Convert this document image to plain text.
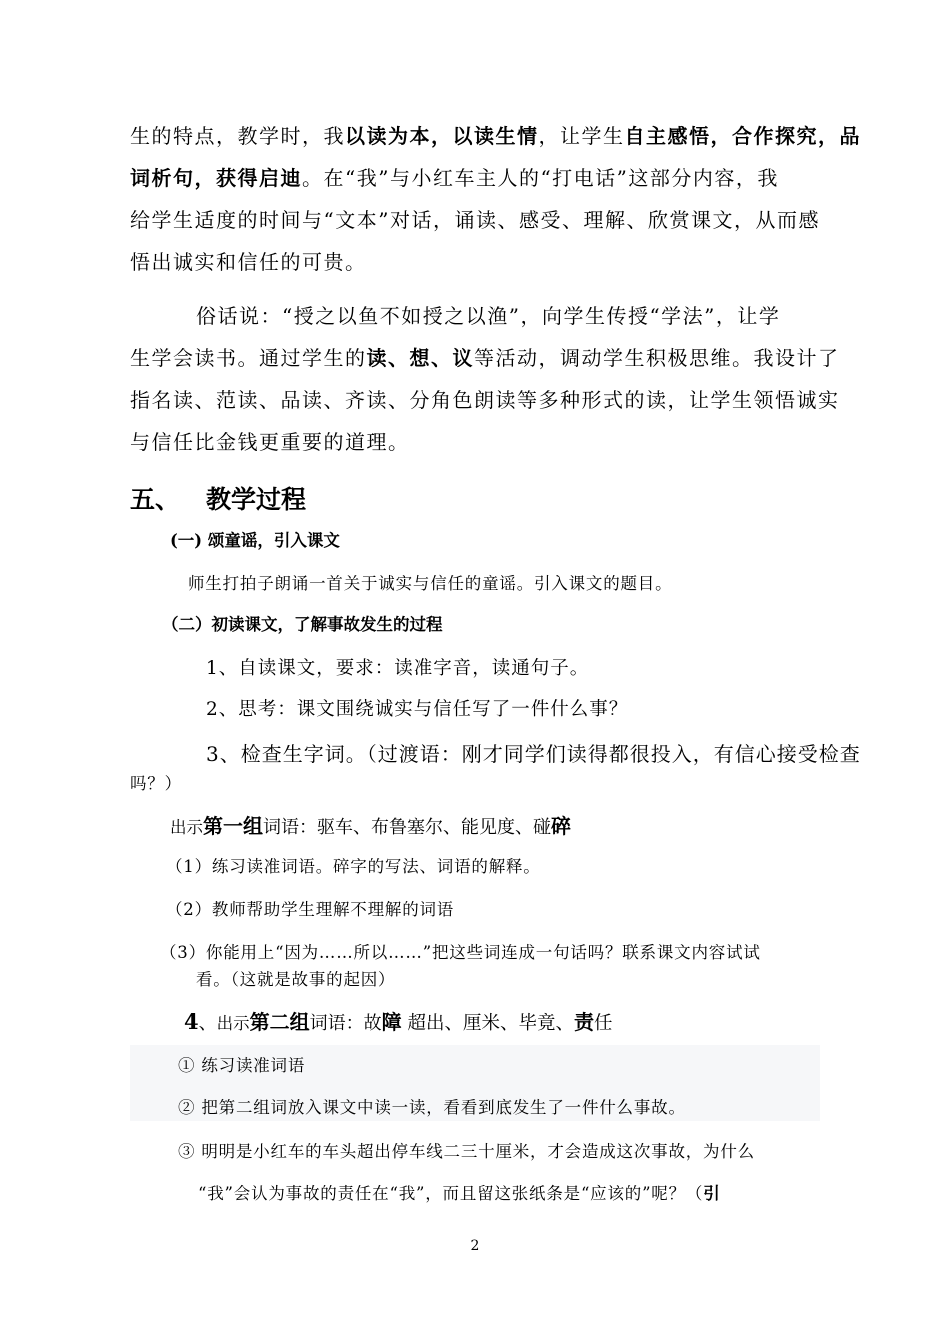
生的特点，教学时，我以读为本，以读生情，让学生自主感悟，合作探究，品
词析句，获得启迪。在“我”与小红车主人的“打电话”这部分内容，我
给学生适度的时间与“文本”对话，诵读、感受、理解、欣赏课文，从而感
悟出诚实和信任的可贵。
俗话说：“授之以鱼不如授之以渔”，向学生传授“学法”，让学
生学会读书。通过学生的读、想、议等活动，调动学生积极思维。我设计了
指名读、范读、品读、齐读、分角色朗读等多种形式的读，让学生领悟诚实
与信任比金钱更重要的道理。
五、 教学过程
(一) 颂童谣，引入课文
师生打拍子朗诵一首关于诚实与信任的童谣。引入课文的题目。
（二）初读课文，了解事故发生的过程
1、自读课文，要求：读准字音，读通句子。
2、思考：课文围绕诚实与信任写了一件什么事？
3、检查生字词。（过渡语：刚才同学们读得都很投入，有信心接受检查
吗？）
出示第一组词语：驱车、布鲁塞尔、能见度、碰碎
（1）练习读准词语。碎字的写法、词语的解释。
（2）教师帮助学生理解不理解的词语
（3）你能用上“因为……所以……”把这些词连成一句话吗？联系课文内容试试
看。（这就是故事的起因）
4、出示第二组词语：故障 超出、厘米、毕竟、责任
① 练习读准词语
② 把第二组词放入课文中读一读，看看到底发生了一件什么事故。
③ 明明是小红车的车头超出停车线二三十厘米，才会造成这次事故，为什么
“我”会认为事故的责任在“我”，而且留这张纸条是“应该的”呢？（引
2
